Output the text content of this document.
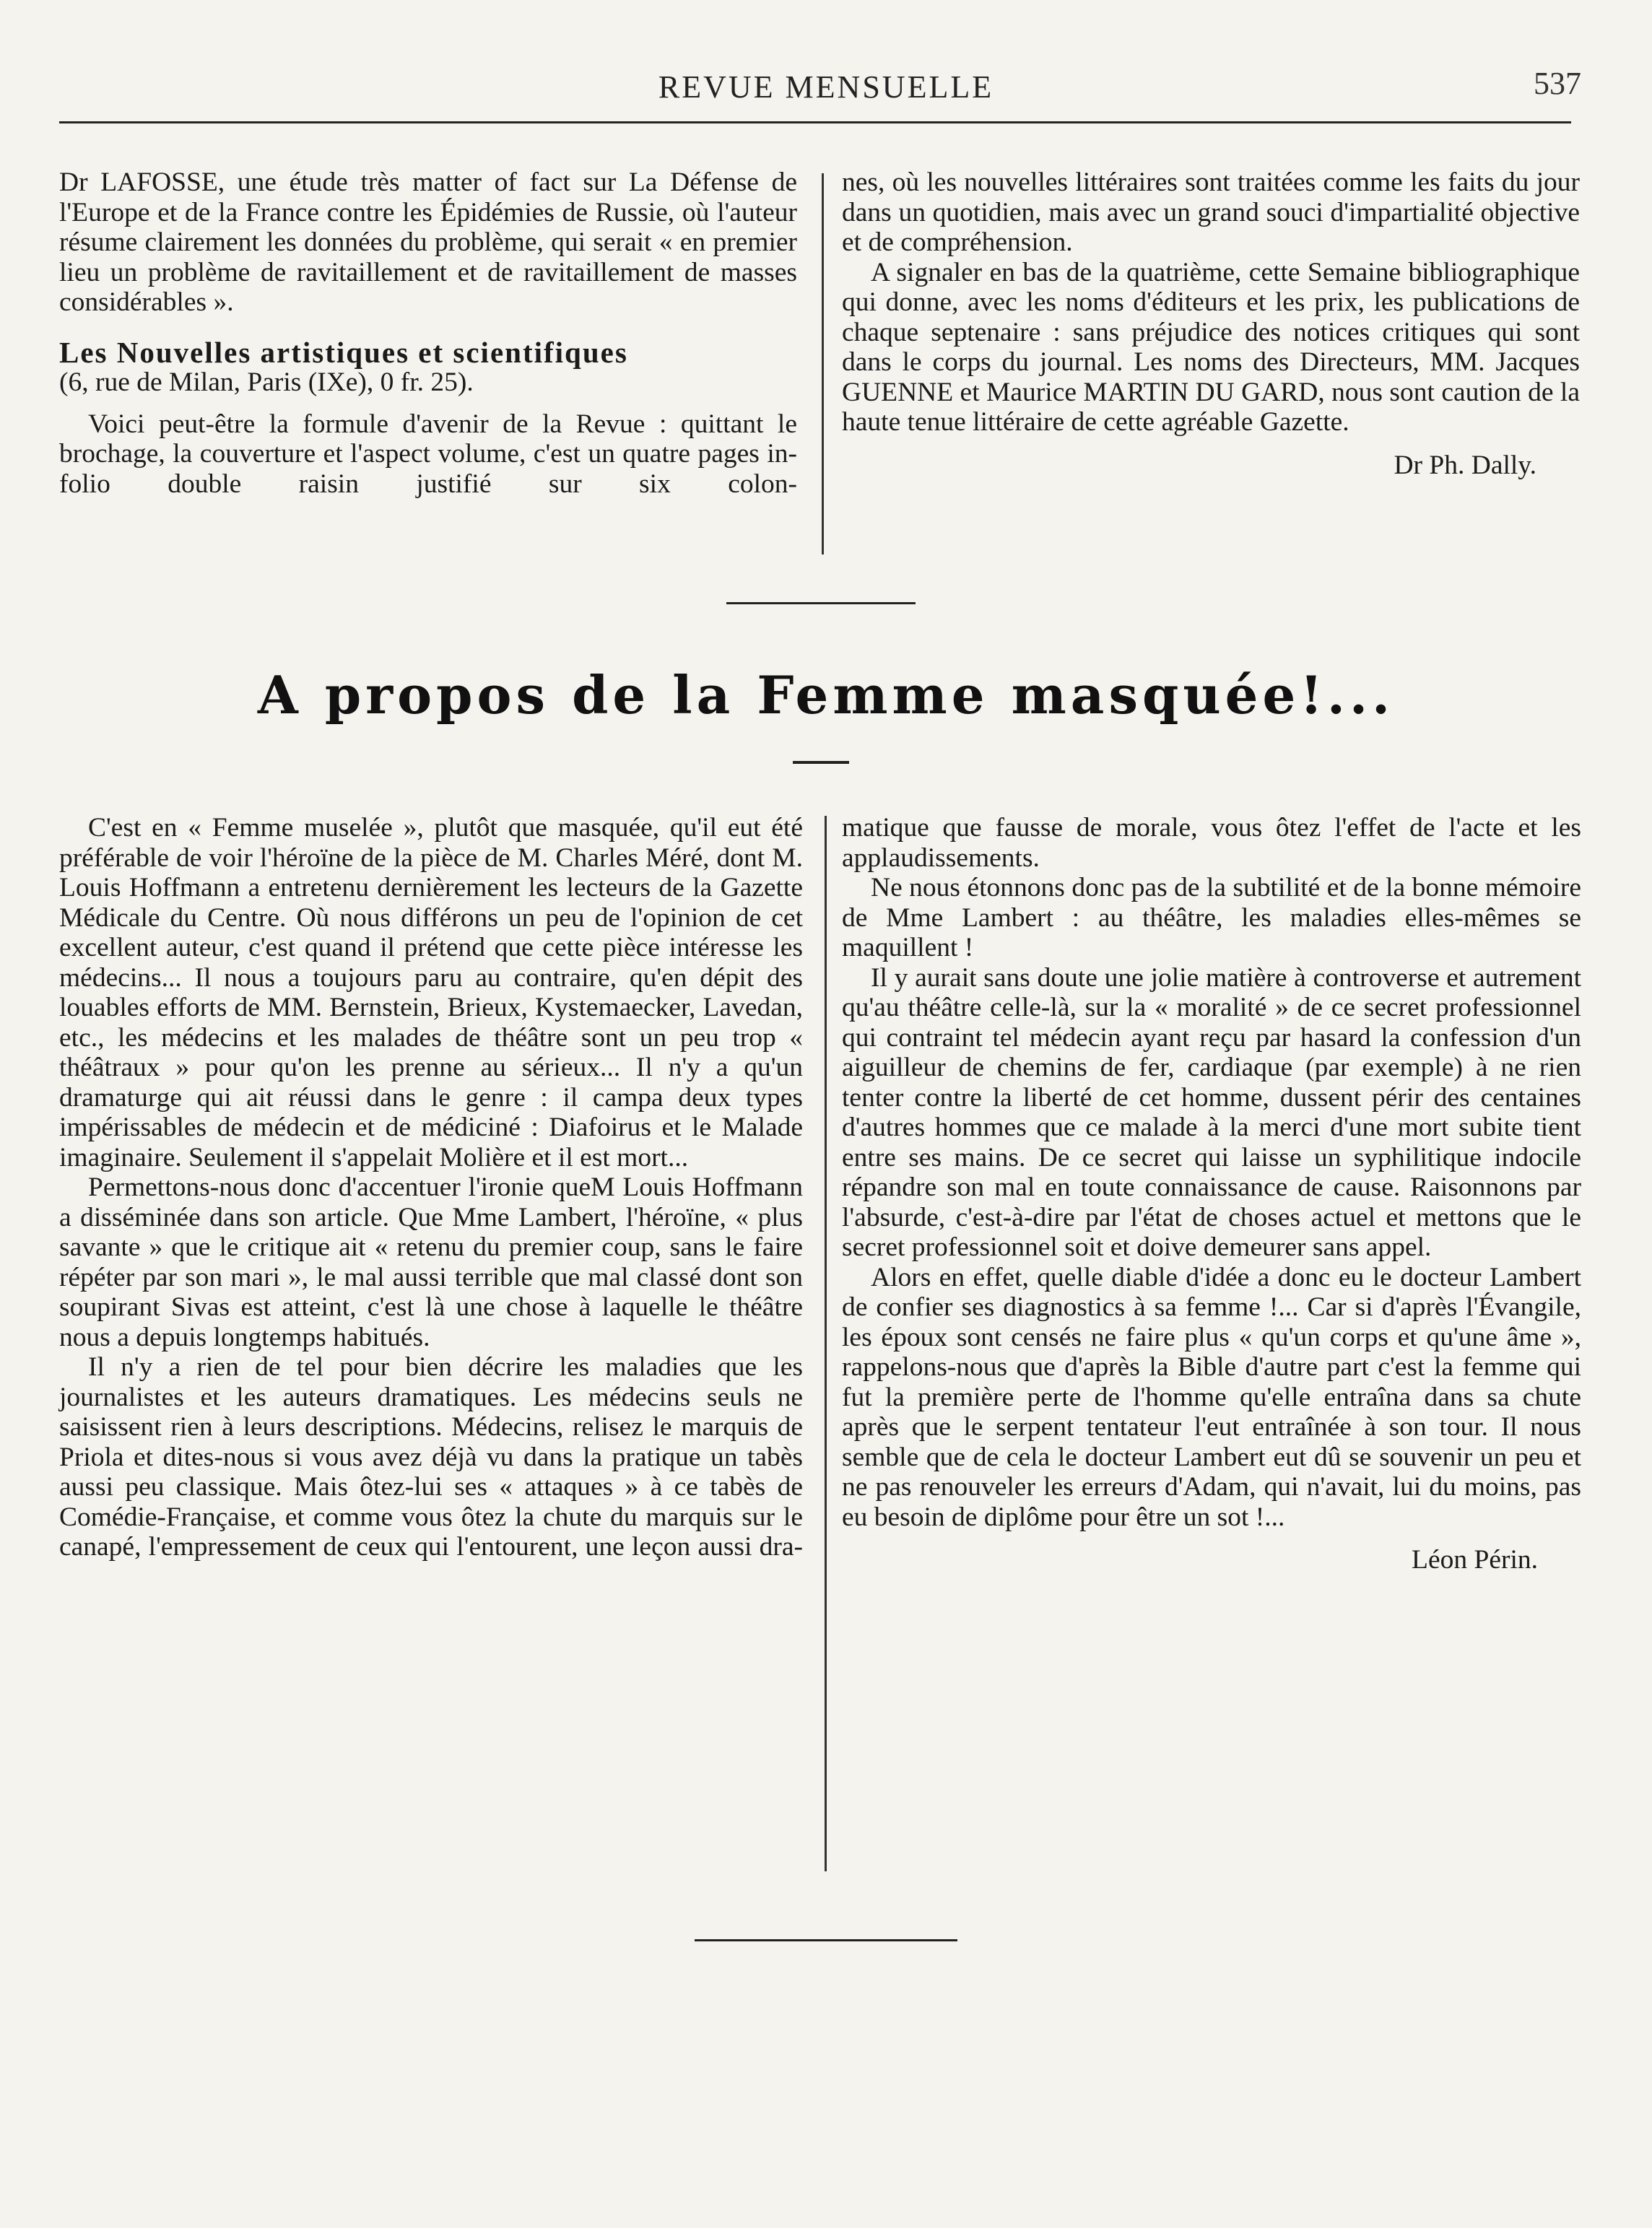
REVUE MENSUELLE	537

Dr LAFOSSE, une étude très matter of fact sur La Défense de l'Europe et de la France contre les Épidémies de Russie, où l'auteur résume clairement les données du problème, qui serait « en premier lieu un problème de ravitaillement et de ravitaillement de masses considérables ».

Les Nouvelles artistiques et scientifiques

(6, rue de Milan, Paris (IXe), 0 fr. 25).

Voici peut-être la formule d'avenir de la Revue : quittant le brochage, la couverture et l'aspect volume, c'est un quatre pages in-folio double raisin justifié sur six colon-

nes, où les nouvelles littéraires sont traitées comme les faits du jour dans un quotidien, mais avec un grand souci d'impartialité objective et de compréhension.

A signaler en bas de la quatrième, cette Semaine bibliographique qui donne, avec les noms d'éditeurs et les prix, les publications de chaque septenaire : sans préjudice des notices critiques qui sont dans le corps du journal. Les noms des Directeurs, MM. Jacques GUENNE et Maurice MARTIN DU GARD, nous sont caution de la haute tenue littéraire de cette agréable Gazette.

Dr Ph. Dally.
A propos de la Femme masquée!...

C'est en « Femme muselée », plutôt que masquée, qu'il eut été préférable de voir l'héroïne de la pièce de M. Charles Méré, dont M. Louis Hoffmann a entretenu dernièrement les lecteurs de la Gazette Médicale du Centre. Où nous différons un peu de l'opinion de cet excellent auteur, c'est quand il prétend que cette pièce intéresse les médecins... Il nous a toujours paru au contraire, qu'en dépit des louables efforts de MM. Bernstein, Brieux, Kystemaecker, Lavedan, etc., les médecins et les malades de théâtre sont un peu trop « théâtraux » pour qu'on les prenne au sérieux... Il n'y a qu'un dramaturge qui ait réussi dans le genre : il campa deux types impérissables de médecin et de médiciné : Diafoirus et le Malade imaginaire. Seulement il s'appelait Molière et il est mort...

Permettons-nous donc d'accentuer l'ironie queM Louis Hoffmann a disséminée dans son article. Que Mme Lambert, l'héroïne, « plus savante » que le critique ait « retenu du premier coup, sans le faire répéter par son mari », le mal aussi terrible que mal classé dont son soupirant Sivas est atteint, c'est là une chose à laquelle le théâtre nous a depuis longtemps habitués.

Il n'y a rien de tel pour bien décrire les maladies que les journalistes et les auteurs dramatiques. Les médecins seuls ne saisissent rien à leurs descriptions. Médecins, relisez le marquis de Priola et dites-nous si vous avez déjà vu dans la pratique un tabès aussi peu classique. Mais ôtez-lui ses « attaques » à ce tabès de Comédie-Française, et comme vous ôtez la chute du marquis sur le canapé, l'empressement de ceux qui l'entourent, une leçon aussi dra-

matique que fausse de morale, vous ôtez l'effet de l'acte et les applaudissements.

Ne nous étonnons donc pas de la subtilité et de la bonne mémoire de Mme Lambert : au théâtre, les maladies elles-mêmes se maquillent !

Il y aurait sans doute une jolie matière à controverse et autrement qu'au théâtre celle-là, sur la « moralité » de ce secret professionnel qui contraint tel médecin ayant reçu par hasard la confession d'un aiguilleur de chemins de fer, cardiaque (par exemple) à ne rien tenter contre la liberté de cet homme, dussent périr des centaines d'autres hommes que ce malade à la merci d'une mort subite tient entre ses mains. De ce secret qui laisse un syphilitique indocile répandre son mal en toute connaissance de cause. Raisonnons par l'absurde, c'est-à-dire par l'état de choses actuel et mettons que le secret professionnel soit et doive demeurer sans appel.

Alors en effet, quelle diable d'idée a donc eu le docteur Lambert de confier ses diagnostics à sa femme !... Car si d'après l'Évangile, les époux sont censés ne faire plus « qu'un corps et qu'une âme », rappelons-nous que d'après la Bible d'autre part c'est la femme qui fut la première perte de l'homme qu'elle entraîna dans sa chute après que le serpent tentateur l'eut entraînée à son tour. Il nous semble que de cela le docteur Lambert eut dû se souvenir un peu et ne pas renouveler les erreurs d'Adam, qui n'avait, lui du moins, pas eu besoin de diplôme pour être un sot !...

Léon Périn.
